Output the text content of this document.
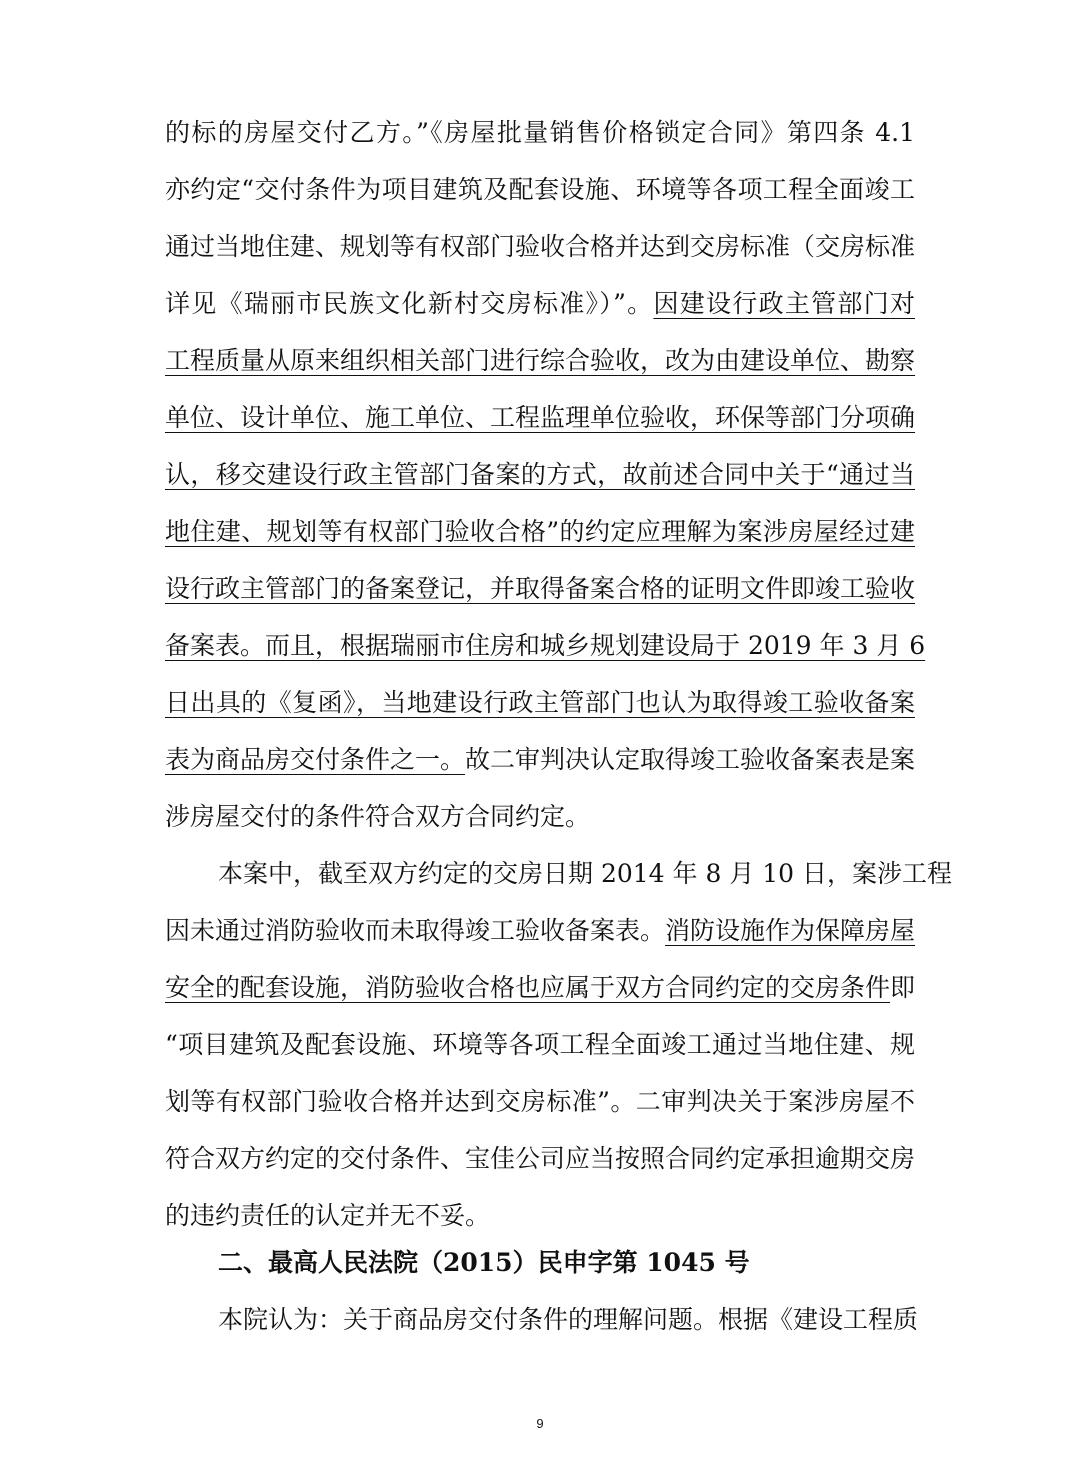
的标的房屋交付乙方。”《房屋批量销售价格锁定合同》第四条 4.1
亦约定“交付条件为项目建筑及配套设施、环境等各项工程全面竣工
通过当地住建、规划等有权部门验收合格并达到交房标准（交房标准
详见《瑞丽市民族文化新村交房标准》）”。因建设行政主管部门对
工程质量从原来组织相关部门进行综合验收，改为由建设单位、勘察
单位、设计单位、施工单位、工程监理单位验收，环保等部门分项确
认，移交建设行政主管部门备案的方式，故前述合同中关于“通过当
地住建、规划等有权部门验收合格”的约定应理解为案涉房屋经过建
设行政主管部门的备案登记，并取得备案合格的证明文件即竣工验收
备案表。而且，根据瑞丽市住房和城乡规划建设局于 2019 年 3 月 6
日出具的《复函》，当地建设行政主管部门也认为取得竣工验收备案
表为商品房交付条件之一。故二审判决认定取得竣工验收备案表是案
涉房屋交付的条件符合双方合同约定。
本案中，截至双方约定的交房日期 2014 年 8 月 10 日，案涉工程
因未通过消防验收而未取得竣工验收备案表。消防设施作为保障房屋
安全的配套设施，消防验收合格也应属于双方合同约定的交房条件即
“项目建筑及配套设施、环境等各项工程全面竣工通过当地住建、规
划等有权部门验收合格并达到交房标准”。二审判决关于案涉房屋不
符合双方约定的交付条件、宝佳公司应当按照合同约定承担逾期交房
的违约责任的认定并无不妥。
二、最高人民法院（2015）民申字第 1045 号
本院认为：关于商品房交付条件的理解问题。根据《建设工程质
9
